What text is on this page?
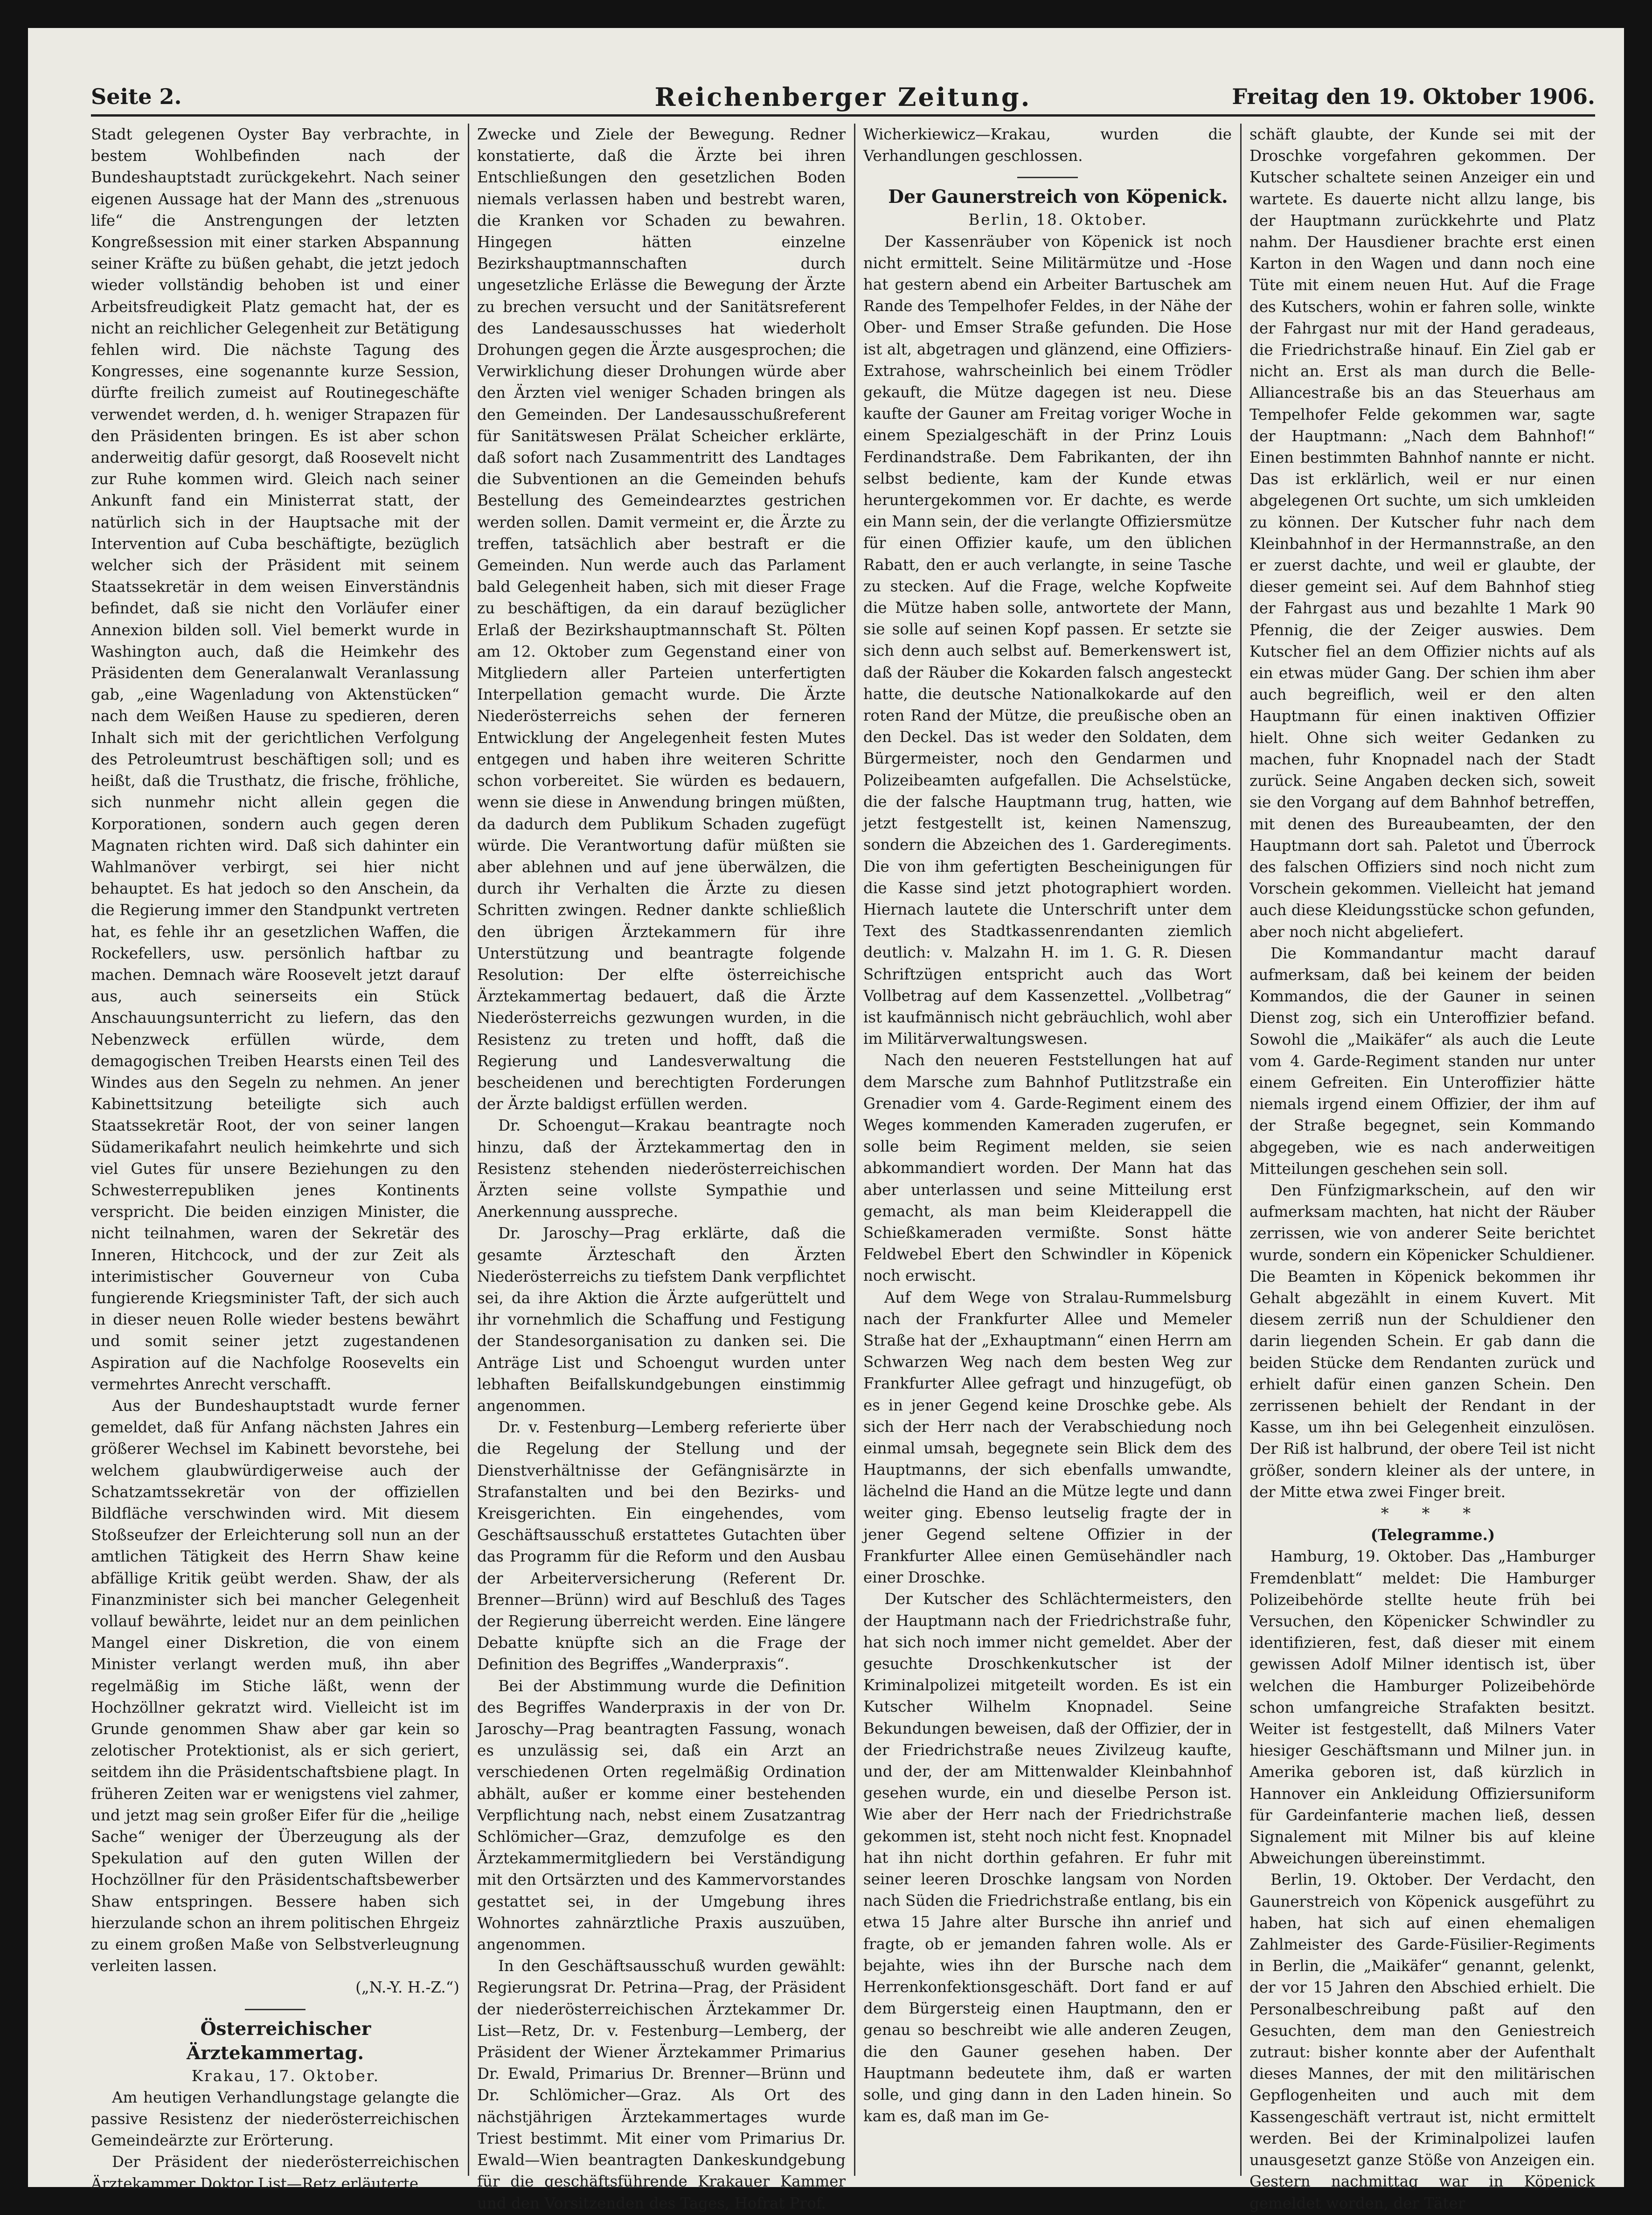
Seite 2.	Reichenberger Zeitung.	Freitag den 19. Oktober 1906.

Stadt gelegenen Oyster Bay verbrachte, in bestem Wohlbefinden nach der Bundeshauptstadt zurückgekehrt. Nach seiner eigenen Aussage hat der Mann des „strenuous life“ die Anstrengungen der letzten Kongreßsession mit einer starken Abspannung seiner Kräfte zu büßen gehabt, die jetzt jedoch wieder vollständig behoben ist und einer Arbeitsfreudigkeit Platz gemacht hat, der es nicht an reichlicher Gelegenheit zur Betätigung fehlen wird. Die nächste Tagung des Kongresses, eine sogenannte kurze Session, dürfte freilich zumeist auf Routinegeschäfte verwendet werden, d. h. weniger Strapazen für den Präsidenten bringen. Es ist aber schon anderweitig dafür gesorgt, daß Roosevelt nicht zur Ruhe kommen wird. Gleich nach seiner Ankunft fand ein Ministerrat statt, der natürlich sich in der Hauptsache mit der Intervention auf Cuba beschäftigte, bezüglich welcher sich der Präsident mit seinem Staatssekretär in dem weisen Einverständnis befindet, daß sie nicht den Vorläufer einer Annexion bilden soll. Viel bemerkt wurde in Washington auch, daß die Heimkehr des Präsidenten dem Generalanwalt Veranlassung gab, „eine Wagenladung von Aktenstücken“ nach dem Weißen Hause zu spedieren, deren Inhalt sich mit der gerichtlichen Verfolgung des Petroleumtrust beschäftigen soll; und es heißt, daß die Trusthatz, die frische, fröhliche, sich nunmehr nicht allein gegen die Korporationen, sondern auch gegen deren Magnaten richten wird. Daß sich dahinter ein Wahlmanöver verbirgt, sei hier nicht behauptet. Es hat jedoch so den Anschein, da die Regierung immer den Standpunkt vertreten hat, es fehle ihr an gesetzlichen Waffen, die Rockefellers, usw. persönlich haftbar zu machen. Demnach wäre Roosevelt jetzt darauf aus, auch seinerseits ein Stück Anschauungsunterricht zu liefern, das den Nebenzweck erfüllen würde, dem demagogischen Treiben Hearsts einen Teil des Windes aus den Segeln zu nehmen. An jener Kabinettsitzung beteiligte sich auch Staatssekretär Root, der von seiner langen Südamerikafahrt neulich heimkehrte und sich viel Gutes für unsere Beziehungen zu den Schwesterrepubliken jenes Kontinents verspricht. Die beiden einzigen Minister, die nicht teilnahmen, waren der Sekretär des Inneren, Hitchcock, und der zur Zeit als interimistischer Gouverneur von Cuba fungierende Kriegsminister Taft, der sich auch in dieser neuen Rolle wieder bestens bewährt und somit seiner jetzt zugestandenen Aspiration auf die Nachfolge Roosevelts ein vermehrtes Anrecht verschafft.

Aus der Bundeshauptstadt wurde ferner gemeldet, daß für Anfang nächsten Jahres ein größerer Wechsel im Kabinett bevorstehe, bei welchem glaubwürdigerweise auch der Schatzamtssekretär von der offiziellen Bildfläche verschwinden wird. Mit diesem Stoßseufzer der Erleichterung soll nun an der amtlichen Tätigkeit des Herrn Shaw keine abfällige Kritik geübt werden. Shaw, der als Finanzminister sich bei mancher Gelegenheit vollauf bewährte, leidet nur an dem peinlichen Mangel einer Diskretion, die von einem Minister verlangt werden muß, ihn aber regelmäßig im Stiche läßt, wenn der Hochzöllner gekratzt wird. Vielleicht ist im Grunde genommen Shaw aber gar kein so zelotischer Protektionist, als er sich geriert, seitdem ihn die Präsidentschaftsbiene plagt. In früheren Zeiten war er wenigstens viel zahmer, und jetzt mag sein großer Eifer für die „heilige Sache“ weniger der Überzeugung als der Spekulation auf den guten Willen der Hochzöllner für den Präsidentschaftsbewerber Shaw entspringen. Bessere haben sich hierzulande schon an ihrem politischen Ehrgeiz zu einem großen Maße von Selbstverleugnung verleiten lassen.

(„N.-Y. H.-Z.“)

Österreichischer Ärztekammertag.

Krakau, 17. Oktober.

Am heutigen Verhandlungstage gelangte die passive Resistenz der niederösterreichischen Gemeindeärzte zur Erörterung.

Der Präsident der niederösterreichischen Ärztekammer Doktor List—Retz erläuterte

Zwecke und Ziele der Bewegung. Redner konstatierte, daß die Ärzte bei ihren Entschließungen den gesetzlichen Boden niemals verlassen haben und bestrebt waren, die Kranken vor Schaden zu bewahren. Hingegen hätten einzelne Bezirkshauptmannschaften durch ungesetzliche Erlässe die Bewegung der Ärzte zu brechen versucht und der Sanitätsreferent des Landesausschusses hat wiederholt Drohungen gegen die Ärzte ausgesprochen; die Verwirklichung dieser Drohungen würde aber den Ärzten viel weniger Schaden bringen als den Gemeinden. Der Landesausschußreferent für Sanitätswesen Prälat Scheicher erklärte, daß sofort nach Zusammentritt des Landtages die Subventionen an die Gemeinden behufs Bestellung des Gemeindearztes gestrichen werden sollen. Damit vermeint er, die Ärzte zu treffen, tatsächlich aber bestraft er die Gemeinden. Nun werde auch das Parlament bald Gelegenheit haben, sich mit dieser Frage zu beschäftigen, da ein darauf bezüglicher Erlaß der Bezirkshauptmannschaft St. Pölten am 12. Oktober zum Gegenstand einer von Mitgliedern aller Parteien unterfertigten Interpellation gemacht wurde. Die Ärzte Niederösterreichs sehen der ferneren Entwicklung der Angelegenheit festen Mutes entgegen und haben ihre weiteren Schritte schon vorbereitet. Sie würden es bedauern, wenn sie diese in Anwendung bringen müßten, da dadurch dem Publikum Schaden zugefügt würde. Die Verantwortung dafür müßten sie aber ablehnen und auf jene überwälzen, die durch ihr Verhalten die Ärzte zu diesen Schritten zwingen. Redner dankte schließlich den übrigen Ärztekammern für ihre Unterstützung und beantragte folgende Resolution: Der elfte österreichische Ärztekammertag bedauert, daß die Ärzte Niederösterreichs gezwungen wurden, in die Resistenz zu treten und hofft, daß die Regierung und Landesverwaltung die bescheidenen und berechtigten Forderungen der Ärzte baldigst erfüllen werden.

Dr. Schoengut—Krakau beantragte noch hinzu, daß der Ärztekammertag den in Resistenz stehenden niederösterreichischen Ärzten seine vollste Sympathie und Anerkennung ausspreche.

Dr. Jaroschy—Prag erklärte, daß die gesamte Ärzteschaft den Ärzten Niederösterreichs zu tiefstem Dank verpflichtet sei, da ihre Aktion die Ärzte aufgerüttelt und ihr vornehmlich die Schaffung und Festigung der Standesorganisation zu danken sei. Die Anträge List und Schoengut wurden unter lebhaften Beifallskundgebungen einstimmig angenommen.

Dr. v. Festenburg—Lemberg referierte über die Regelung der Stellung und der Dienstverhältnisse der Gefängnisärzte in Strafanstalten und bei den Bezirks- und Kreisgerichten. Ein eingehendes, vom Geschäftsausschuß erstattetes Gutachten über das Programm für die Reform und den Ausbau der Arbeiterversicherung (Referent Dr. Brenner—Brünn) wird auf Beschluß des Tages der Regierung überreicht werden. Eine längere Debatte knüpfte sich an die Frage der Definition des Begriffes „Wanderpraxis“.

Bei der Abstimmung wurde die Definition des Begriffes Wanderpraxis in der von Dr. Jaroschy—Prag beantragten Fassung, wonach es unzulässig sei, daß ein Arzt an verschiedenen Orten regelmäßig Ordination abhält, außer er komme einer bestehenden Verpflichtung nach, nebst einem Zusatzantrag Schlömicher—Graz, demzufolge es den Ärztekammermitgliedern bei Verständigung mit den Ortsärzten und des Kammervorstandes gestattet sei, in der Umgebung ihres Wohnortes zahnärztliche Praxis auszuüben, angenommen.

In den Geschäftsausschuß wurden gewählt: Regierungsrat Dr. Petrina—Prag, der Präsident der niederösterreichischen Ärztekammer Dr. List—Retz, Dr. v. Festenburg—Lemberg, der Präsident der Wiener Ärztekammer Primarius Dr. Ewald, Primarius Dr. Brenner—Brünn und Dr. Schlömicher—Graz. Als Ort des nächstjährigen Ärztekammertages wurde Triest bestimmt. Mit einer vom Primarius Dr. Ewald—Wien beantragten Dankeskundgebung für die geschäftsführende Krakauer Kammer und den Vorsitzenden des Tages, Hofrat Prof.

Wicherkiewicz—Krakau, wurden die Verhandlungen geschlossen.

Der Gaunerstreich von Köpenick.

Berlin, 18. Oktober.

Der Kassenräuber von Köpenick ist noch nicht ermittelt. Seine Militärmütze und -Hose hat gestern abend ein Arbeiter Bartuschek am Rande des Tempelhofer Feldes, in der Nähe der Ober- und Emser Straße gefunden. Die Hose ist alt, abgetragen und glänzend, eine Offiziers-Extrahose, wahrscheinlich bei einem Trödler gekauft, die Mütze dagegen ist neu. Diese kaufte der Gauner am Freitag voriger Woche in einem Spezialgeschäft in der Prinz Louis Ferdinandstraße. Dem Fabrikanten, der ihn selbst bediente, kam der Kunde etwas heruntergekommen vor. Er dachte, es werde ein Mann sein, der die verlangte Offiziersmütze für einen Offizier kaufe, um den üblichen Rabatt, den er auch verlangte, in seine Tasche zu stecken. Auf die Frage, welche Kopfweite die Mütze haben solle, antwortete der Mann, sie solle auf seinen Kopf passen. Er setzte sie sich denn auch selbst auf. Bemerkenswert ist, daß der Räuber die Kokarden falsch angesteckt hatte, die deutsche Nationalkokarde auf den roten Rand der Mütze, die preußische oben an den Deckel. Das ist weder den Soldaten, dem Bürgermeister, noch den Gendarmen und Polizeibeamten aufgefallen. Die Achselstücke, die der falsche Hauptmann trug, hatten, wie jetzt festgestellt ist, keinen Namenszug, sondern die Abzeichen des 1. Garderegiments. Die von ihm gefertigten Bescheinigungen für die Kasse sind jetzt photographiert worden. Hiernach lautete die Unterschrift unter dem Text des Stadtkassenrendanten ziemlich deutlich: v. Malzahn H. im 1. G. R. Diesen Schriftzügen entspricht auch das Wort Vollbetrag auf dem Kassenzettel. „Vollbetrag“ ist kaufmännisch nicht gebräuchlich, wohl aber im Militärverwaltungswesen.

Nach den neueren Feststellungen hat auf dem Marsche zum Bahnhof Putlitzstraße ein Grenadier vom 4. Garde-Regiment einem des Weges kommenden Kameraden zugerufen, er solle beim Regiment melden, sie seien abkommandiert worden. Der Mann hat das aber unterlassen und seine Mitteilung erst gemacht, als man beim Kleiderappell die Schießkameraden vermißte. Sonst hätte Feldwebel Ebert den Schwindler in Köpenick noch erwischt.

Auf dem Wege von Stralau-Rummelsburg nach der Frankfurter Allee und Memeler Straße hat der „Exhauptmann“ einen Herrn am Schwarzen Weg nach dem besten Weg zur Frankfurter Allee gefragt und hinzugefügt, ob es in jener Gegend keine Droschke gebe. Als sich der Herr nach der Verabschiedung noch einmal umsah, begegnete sein Blick dem des Hauptmanns, der sich ebenfalls umwandte, lächelnd die Hand an die Mütze legte und dann weiter ging. Ebenso leutselig fragte der in jener Gegend seltene Offizier in der Frankfurter Allee einen Gemüsehändler nach einer Droschke.

Der Kutscher des Schlächtermeisters, den der Hauptmann nach der Friedrichstraße fuhr, hat sich noch immer nicht gemeldet. Aber der gesuchte Droschkenkutscher ist der Kriminalpolizei mitgeteilt worden. Es ist ein Kutscher Wilhelm Knopnadel. Seine Bekundungen beweisen, daß der Offizier, der in der Friedrichstraße neues Zivilzeug kaufte, und der, der am Mittenwalder Kleinbahnhof gesehen wurde, ein und dieselbe Person ist. Wie aber der Herr nach der Friedrichstraße gekommen ist, steht noch nicht fest. Knopnadel hat ihn nicht dorthin gefahren. Er fuhr mit seiner leeren Droschke langsam von Norden nach Süden die Friedrichstraße entlang, bis ein etwa 15 Jahre alter Bursche ihn anrief und fragte, ob er jemanden fahren wolle. Als er bejahte, wies ihn der Bursche nach dem Herrenkonfektionsgeschäft. Dort fand er auf dem Bürgersteig einen Hauptmann, den er genau so beschreibt wie alle anderen Zeugen, die den Gauner gesehen haben. Der Hauptmann bedeutete ihm, daß er warten solle, und ging dann in den Laden hinein. So kam es, daß man im Ge-

schäft glaubte, der Kunde sei mit der Droschke vorgefahren gekommen. Der Kutscher schaltete seinen Anzeiger ein und wartete. Es dauerte nicht allzu lange, bis der Hauptmann zurückkehrte und Platz nahm. Der Hausdiener brachte erst einen Karton in den Wagen und dann noch eine Tüte mit einem neuen Hut. Auf die Frage des Kutschers, wohin er fahren solle, winkte der Fahrgast nur mit der Hand geradeaus, die Friedrichstraße hinauf. Ein Ziel gab er nicht an. Erst als man durch die Belle-Alliancestraße bis an das Steuerhaus am Tempelhofer Felde gekommen war, sagte der Hauptmann: „Nach dem Bahnhof!“ Einen bestimmten Bahnhof nannte er nicht. Das ist erklärlich, weil er nur einen abgelegenen Ort suchte, um sich umkleiden zu können. Der Kutscher fuhr nach dem Kleinbahnhof in der Hermannstraße, an den er zuerst dachte, und weil er glaubte, der dieser gemeint sei. Auf dem Bahnhof stieg der Fahrgast aus und bezahlte 1 Mark 90 Pfennig, die der Zeiger auswies. Dem Kutscher fiel an dem Offizier nichts auf als ein etwas müder Gang. Der schien ihm aber auch begreiflich, weil er den alten Hauptmann für einen inaktiven Offizier hielt. Ohne sich weiter Gedanken zu machen, fuhr Knopnadel nach der Stadt zurück. Seine Angaben decken sich, soweit sie den Vorgang auf dem Bahnhof betreffen, mit denen des Bureaubeamten, der den Hauptmann dort sah. Paletot und Überrock des falschen Offiziers sind noch nicht zum Vorschein gekommen. Vielleicht hat jemand auch diese Kleidungsstücke schon gefunden, aber noch nicht abgeliefert.

Die Kommandantur macht darauf aufmerksam, daß bei keinem der beiden Kommandos, die der Gauner in seinen Dienst zog, sich ein Unteroffizier befand. Sowohl die „Maikäfer“ als auch die Leute vom 4. Garde-Regiment standen nur unter einem Gefreiten. Ein Unteroffizier hätte niemals irgend einem Offizier, der ihm auf der Straße begegnet, sein Kommando abgegeben, wie es nach anderweitigen Mitteilungen geschehen sein soll.

Den Fünfzigmarkschein, auf den wir aufmerksam machten, hat nicht der Räuber zerrissen, wie von anderer Seite berichtet wurde, sondern ein Köpenicker Schuldiener. Die Beamten in Köpenick bekommen ihr Gehalt abgezählt in einem Kuvert. Mit diesem zerriß nun der Schuldiener den darin liegenden Schein. Er gab dann die beiden Stücke dem Rendanten zurück und erhielt dafür einen ganzen Schein. Den zerrissenen behielt der Rendant in der Kasse, um ihn bei Gelegenheit einzulösen. Der Riß ist halbrund, der obere Teil ist nicht größer, sondern kleiner als der untere, in der Mitte etwa zwei Finger breit.

* * *

(Telegramme.)

Hamburg, 19. Oktober. Das „Hamburger Fremdenblatt“ meldet: Die Hamburger Polizeibehörde stellte heute früh bei Versuchen, den Köpenicker Schwindler zu identifizieren, fest, daß dieser mit einem gewissen Adolf Milner identisch ist, über welchen die Hamburger Polizeibehörde schon umfangreiche Strafakten besitzt. Weiter ist festgestellt, daß Milners Vater hiesiger Geschäftsmann und Milner jun. in Amerika geboren ist, daß kürzlich in Hannover ein Ankleidung Offiziersuniform für Gardeinfanterie machen ließ, dessen Signalement mit Milner bis auf kleine Abweichungen übereinstimmt.

Berlin, 19. Oktober. Der Verdacht, den Gaunerstreich von Köpenick ausgeführt zu haben, hat sich auf einen ehemaligen Zahlmeister des Garde-Füsilier-Regiments in Berlin, die „Maikäfer“ genannt, gelenkt, der vor 15 Jahren den Abschied erhielt. Die Personalbeschreibung paßt auf den Gesuchten, dem man den Geniestreich zutraut: bisher konnte aber der Aufenthalt dieses Mannes, der mit den militärischen Gepflogenheiten und auch mit dem Kassengeschäft vertraut ist, nicht ermittelt werden. Bei der Kriminalpolizei laufen unausgesetzt ganze Stöße von Anzeigen ein. Gestern nachmittag war in Köpenick gemeldet worden, der Täter
